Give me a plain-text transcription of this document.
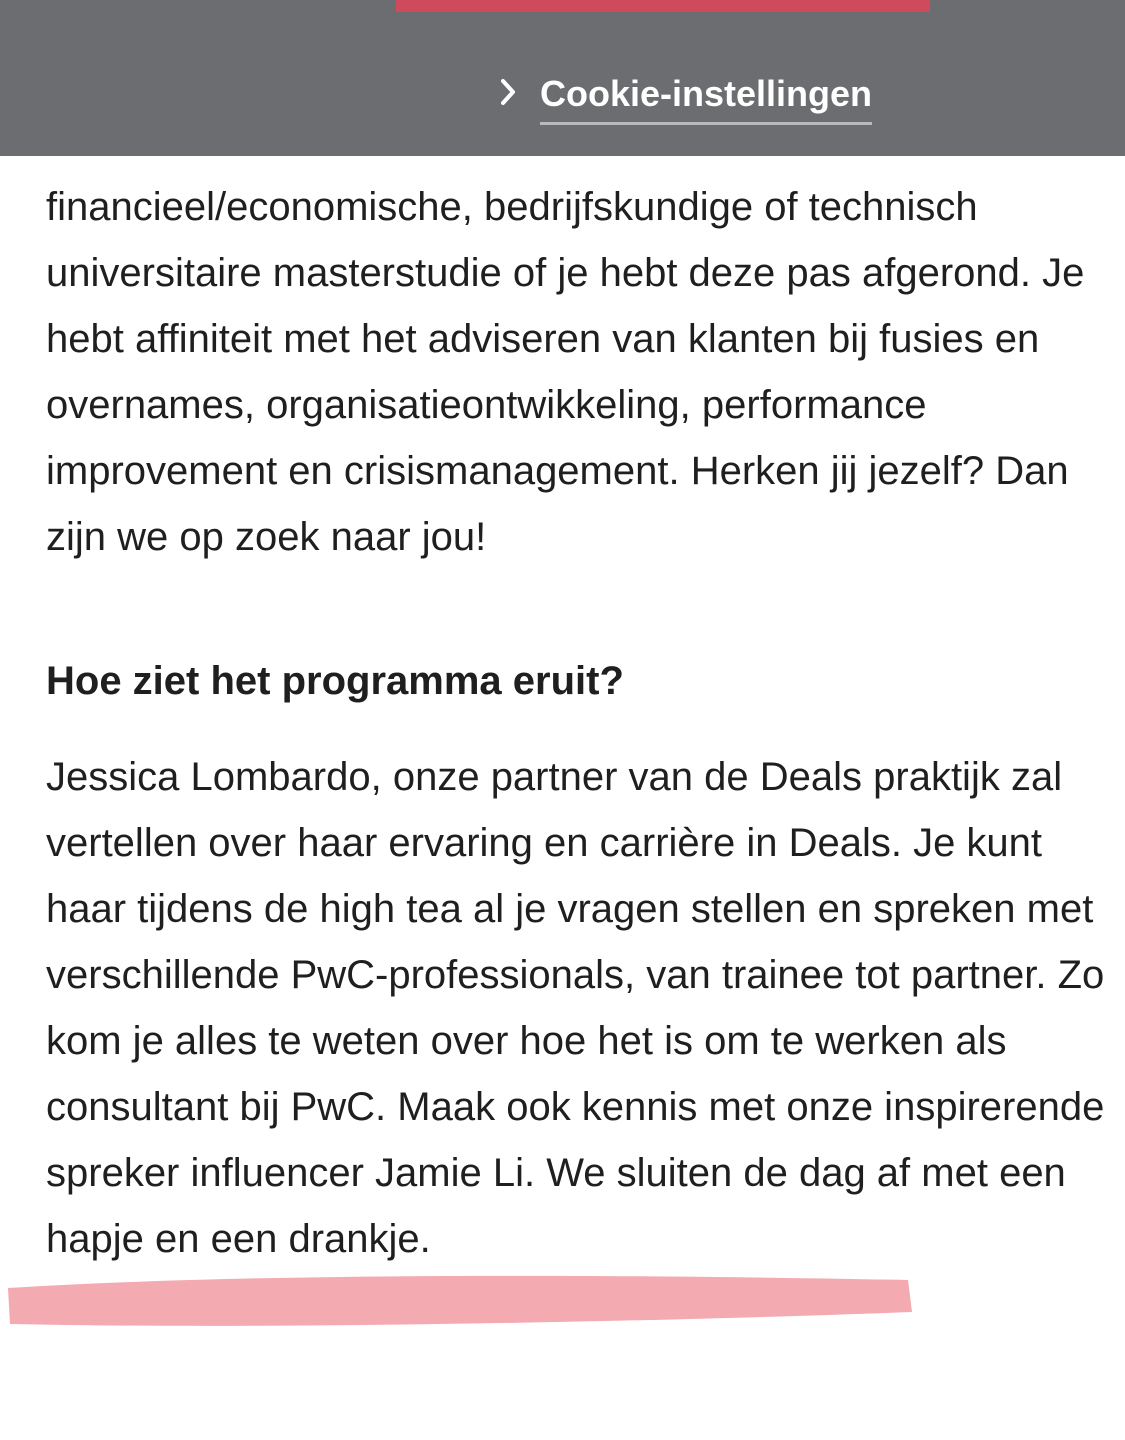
Cookie-instellingen

financieel/economische, bedrijfskundige of technisch universitaire masterstudie of je hebt deze pas afgerond. Je hebt affiniteit met het adviseren van klanten bij fusies en overnames, organisatieontwikkeling, performance improvement en crisismanagement. Herken jij jezelf? Dan zijn we op zoek naar jou!

Hoe ziet het programma eruit?

Jessica Lombardo, onze partner van de Deals praktijk zal vertellen over haar ervaring en carrière in Deals. Je kunt haar tijdens de high tea al je vragen stellen en spreken met verschillende PwC-professionals, van trainee tot partner. Zo kom je alles te weten over hoe het is om te werken als consultant bij PwC. Maak ook kennis met onze inspirerende spreker influencer Jamie Li. We sluiten de dag af met een hapje en een drankje.
